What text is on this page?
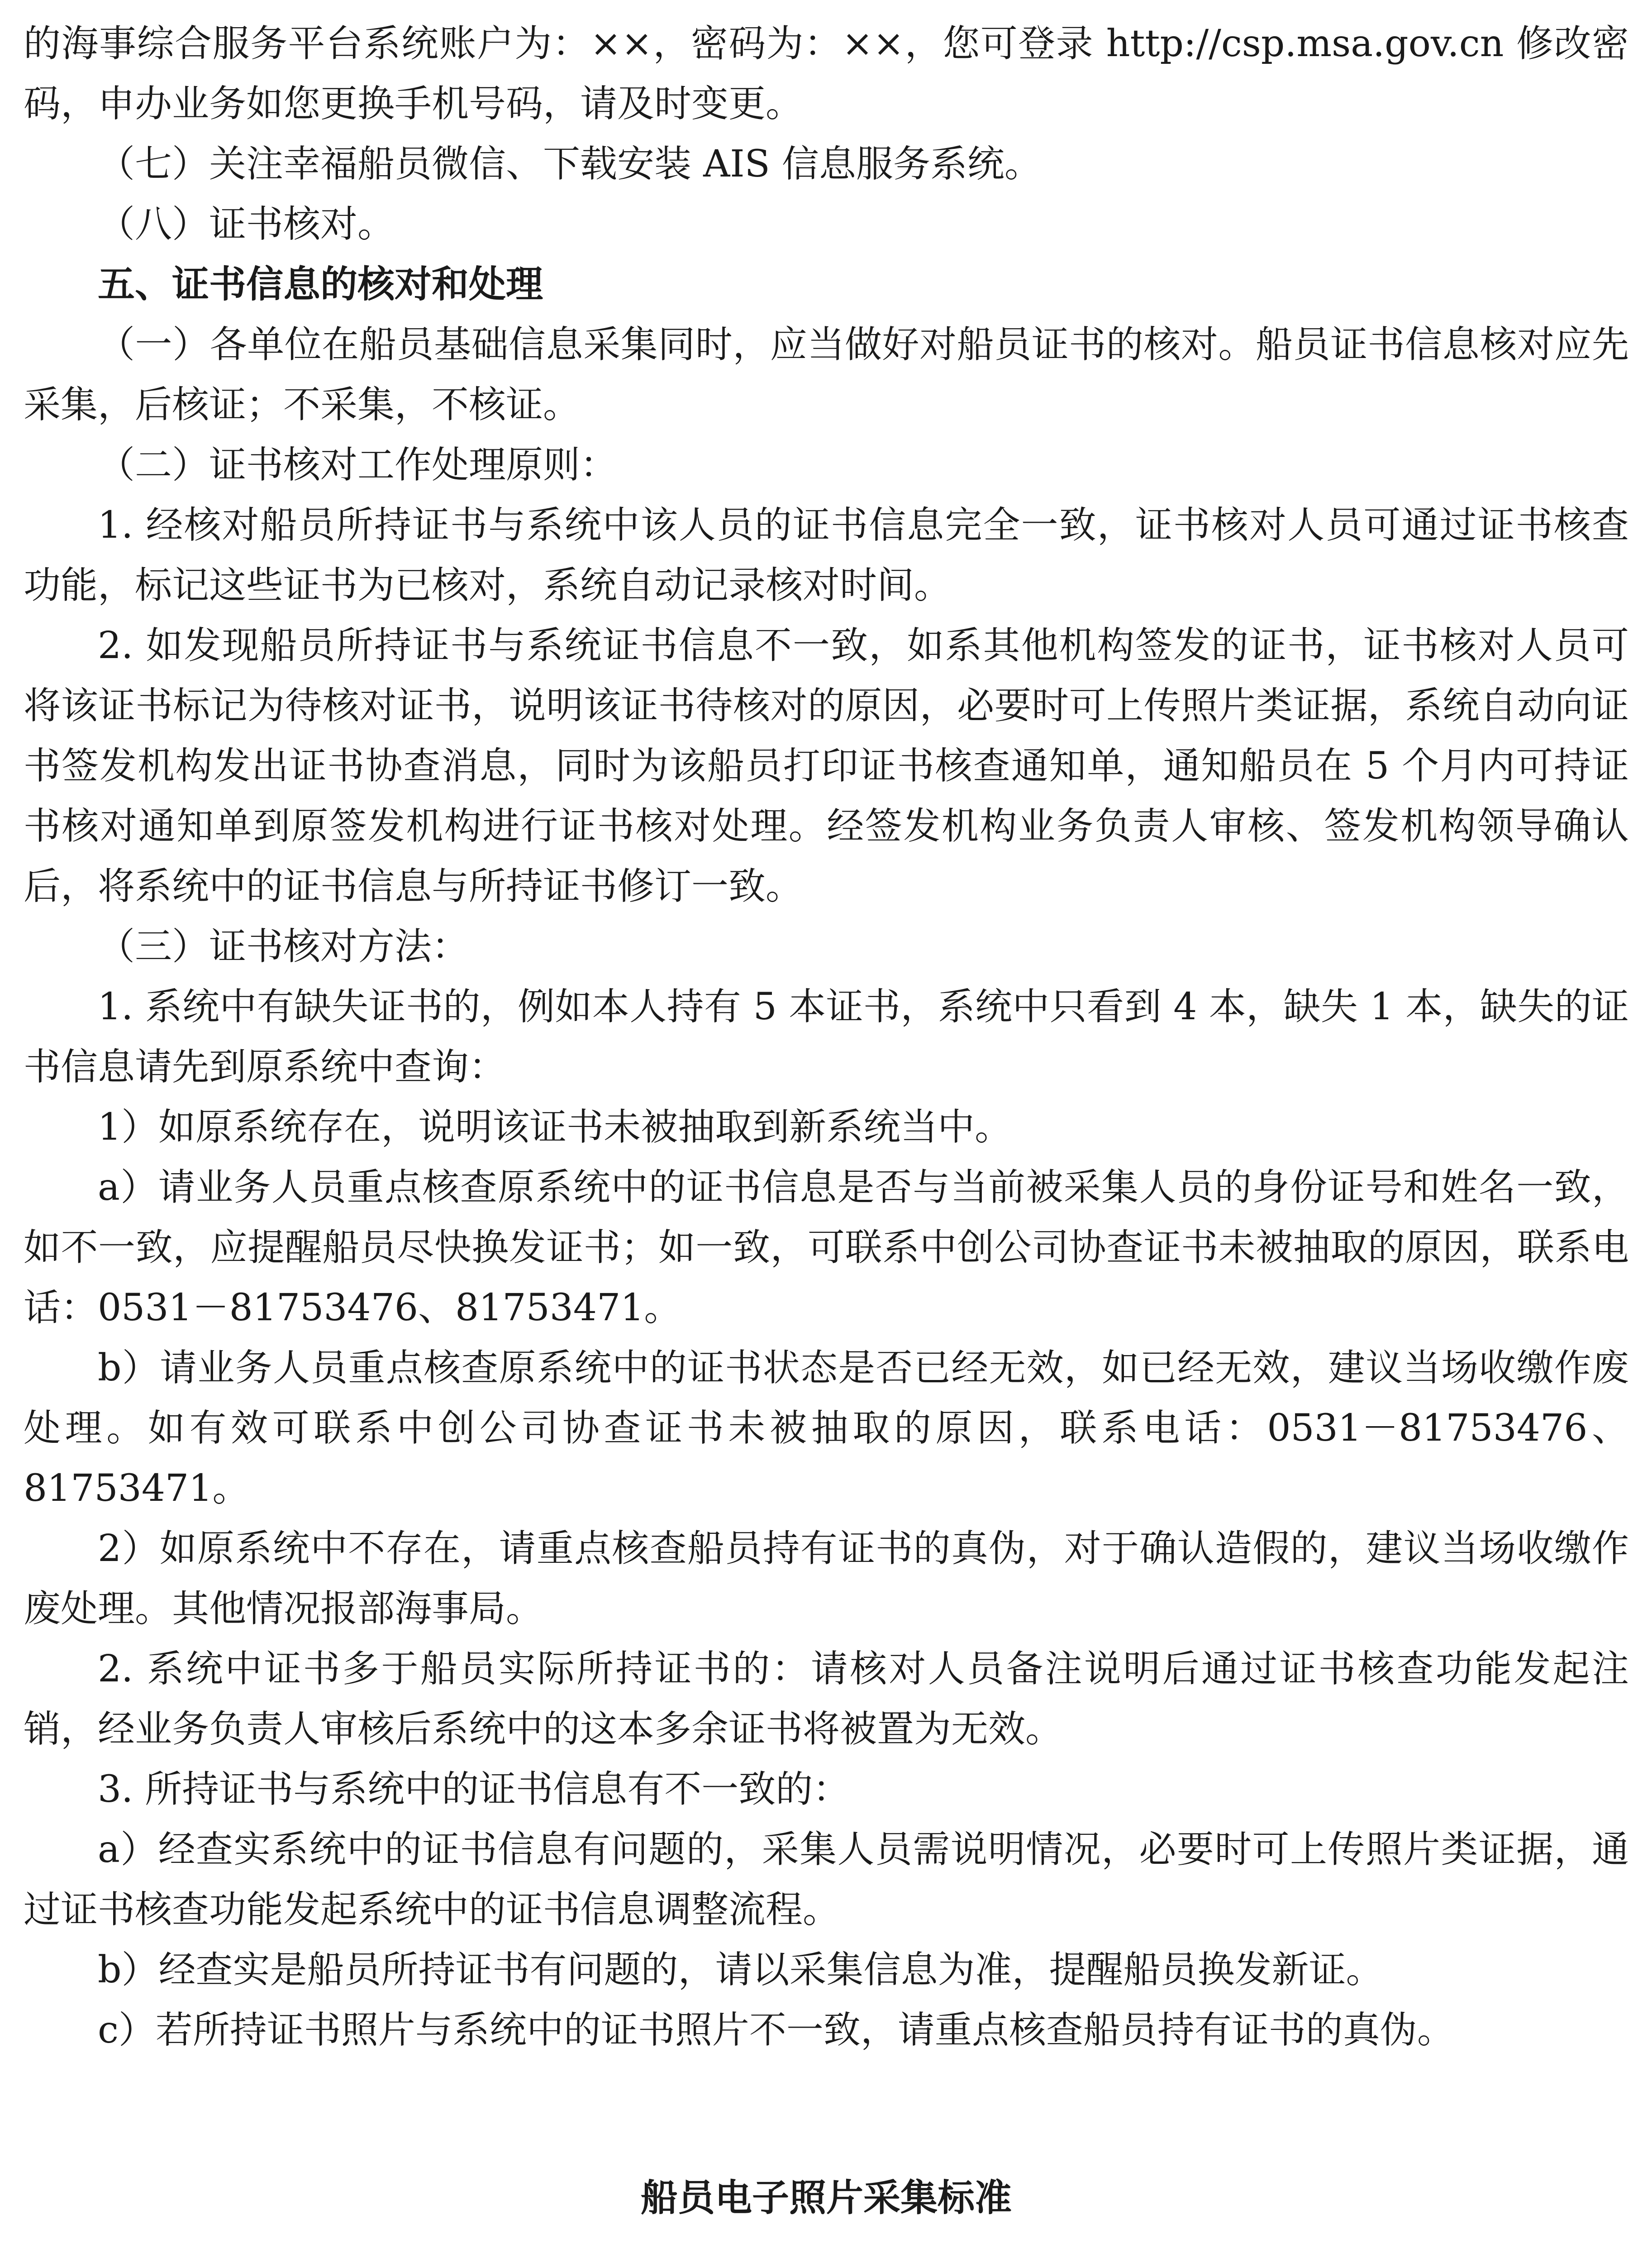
的海事综合服务平台系统账户为：××，密码为：××，您可登录 http://csp.msa.gov.cn 修改密码，申办业务如您更换手机号码，请及时变更。

（七）关注幸福船员微信、下载安装 AIS 信息服务系统。

（八）证书核对。

五、证书信息的核对和处理

（一）各单位在船员基础信息采集同时，应当做好对船员证书的核对。船员证书信息核对应先采集，后核证；不采集，不核证。

（二）证书核对工作处理原则：

1. 经核对船员所持证书与系统中该人员的证书信息完全一致，证书核对人员可通过证书核查功能，标记这些证书为已核对，系统自动记录核对时间。

2. 如发现船员所持证书与系统证书信息不一致，如系其他机构签发的证书，证书核对人员可将该证书标记为待核对证书，说明该证书待核对的原因，必要时可上传照片类证据，系统自动向证书签发机构发出证书协查消息，同时为该船员打印证书核查通知单，通知船员在 5 个月内可持证书核对通知单到原签发机构进行证书核对处理。经签发机构业务负责人审核、签发机构领导确认后，将系统中的证书信息与所持证书修订一致。

（三）证书核对方法：

1. 系统中有缺失证书的，例如本人持有 5 本证书，系统中只看到 4 本，缺失 1 本，缺失的证书信息请先到原系统中查询：

1）如原系统存在，说明该证书未被抽取到新系统当中。

a）请业务人员重点核查原系统中的证书信息是否与当前被采集人员的身份证号和姓名一致，如不一致，应提醒船员尽快换发证书；如一致，可联系中创公司协查证书未被抽取的原因，联系电话：0531－81753476、81753471。

b）请业务人员重点核查原系统中的证书状态是否已经无效，如已经无效，建议当场收缴作废处理。如有效可联系中创公司协查证书未被抽取的原因，联系电话：0531－81753476、81753471。

2）如原系统中不存在，请重点核查船员持有证书的真伪，对于确认造假的，建议当场收缴作废处理。其他情况报部海事局。

2. 系统中证书多于船员实际所持证书的：请核对人员备注说明后通过证书核查功能发起注销，经业务负责人审核后系统中的这本多余证书将被置为无效。

3. 所持证书与系统中的证书信息有不一致的：

a）经查实系统中的证书信息有问题的，采集人员需说明情况，必要时可上传照片类证据，通过证书核查功能发起系统中的证书信息调整流程。

b）经查实是船员所持证书有问题的，请以采集信息为准，提醒船员换发新证。

c）若所持证书照片与系统中的证书照片不一致，请重点核查船员持有证书的真伪。

船员电子照片采集标准
